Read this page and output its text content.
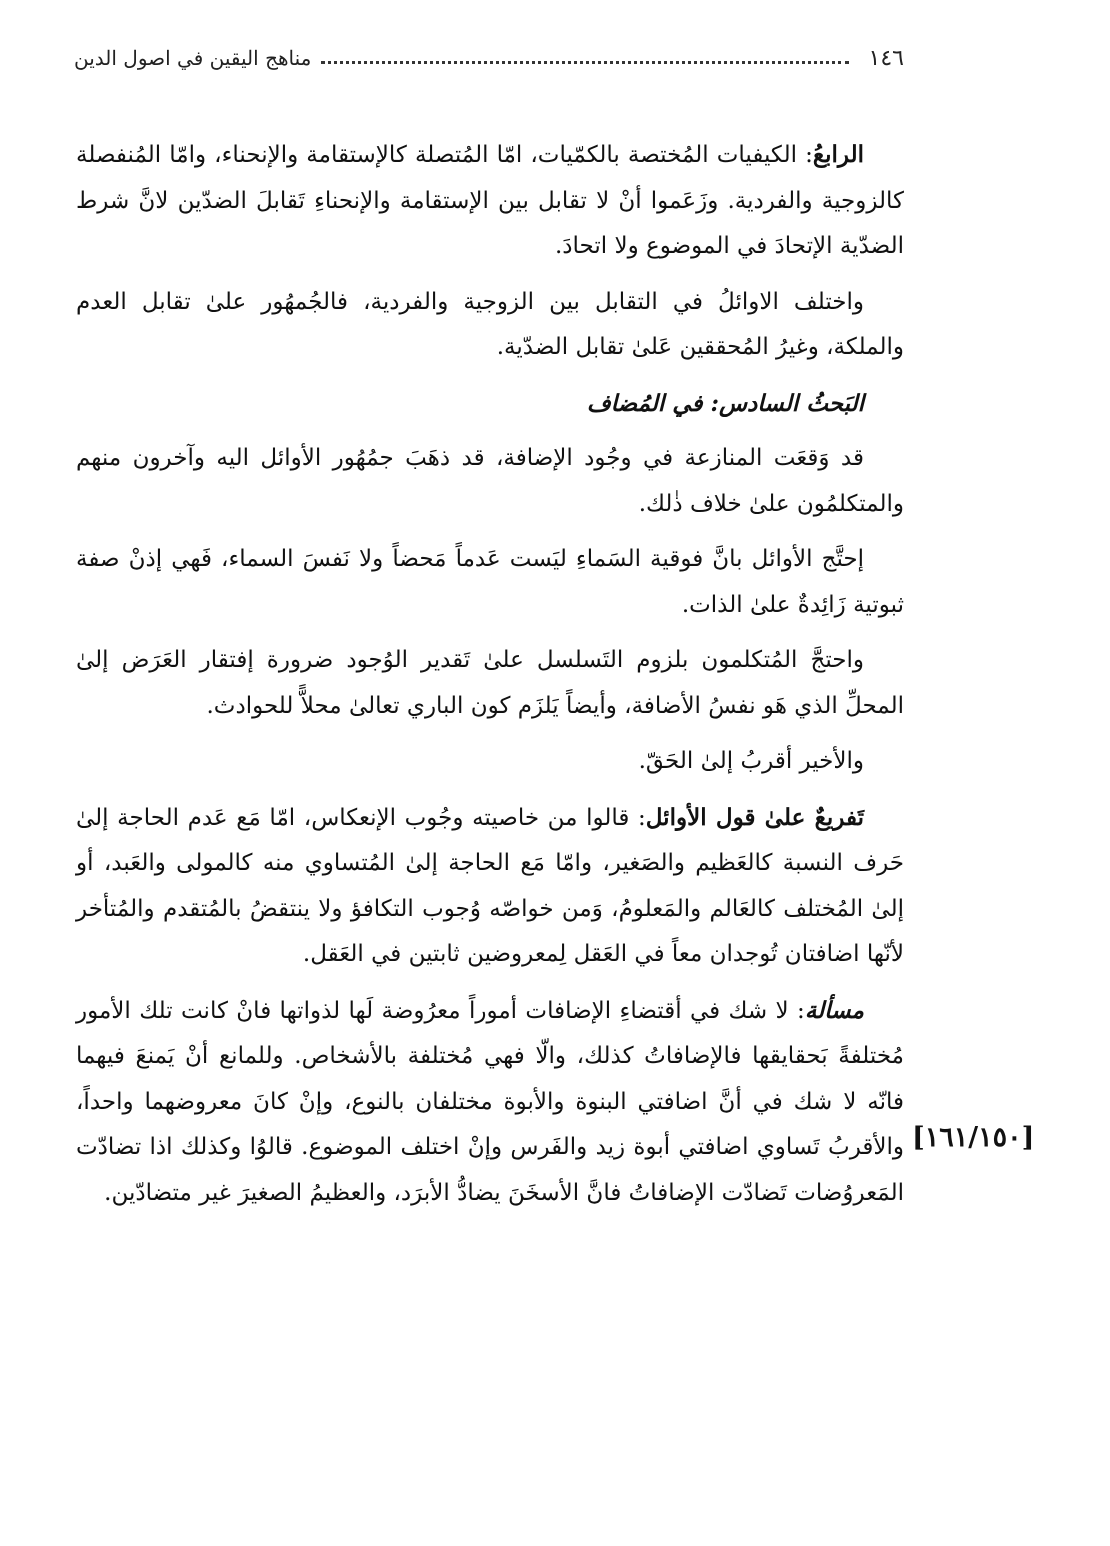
١٤٦
مناهج اليقين في اصول الدين

الرابعُ: الكيفيات المُختصة بالكمّيات، امّا المُتصلة كالإستقامة والإنحناء، وامّا المُنفصلة كالزوجية والفردية. وزَعَموا أنْ لا تقابل بين الإستقامة والإنحناءِ تَقابلَ الضدّين لانَّ شرط الضدّية الإتحادَ في الموضوع ولا اتحادَ.

واختلف الاوائلُ في التقابل بين الزوجية والفردية، فالجُمهُور علىٰ تقابل العدم والملكة، وغيرُ المُحققين عَلىٰ تقابل الضدّية.

البَحثُ السادس: في المُضاف

قد وَقعَت المنازعة في وجُود الإضافة، قد ذهَبَ جمُهُور الأوائل اليه وآخرون منهم والمتكلمُون علىٰ خلاف ذٰلك.

إحتَّج الأوائل بانَّ فوقية السَماءِ ليَست عَدماً مَحضاً ولا نَفسَ السماء، فَهي إذنْ صفة ثبوتية زَائِدةٌ علىٰ الذات.

واحتجَّ المُتكلمون بلزوم التَسلسل علىٰ تَقدير الوُجود ضرورة إفتقار العَرَض إلىٰ المحلِّ الذي هَو نفسُ الأضافة، وأيضاً يَلزَم كون الباري تعالىٰ محلاًّ للحوادث.

والأخير أقربُ إلىٰ الحَقّ.

تَفريعٌ علىٰ قول الأوائل: قالوا من خاصيته وجُوب الإنعكاس، امّا مَع عَدم الحاجة إلىٰ حَرف النسبة كالعَظيم والصَغير، وامّا مَع الحاجة إلىٰ المُتساوي منه كالمولى والعَبد، أو إلىٰ المُختلف كالعَالم والمَعلومُ، وَمن خواصّه وُجوب التكافؤ ولا ينتقضُ بالمُتقدم والمُتأخر لأنّها اضافتان تُوجدان معاً في العَقل لِمعروضين ثابتين في العَقل.

مسألة: لا شك في أقتضاءِ الإضافات أموراً معرُوضة لَها لذواتها فانْ كانت تلك الأمور مُختلفةً بَحقايقها فالإضافاتُ كذلك، والّا فهي مُختلفة بالأشخاص. وللمانع أنْ يَمنعَ فيهما فانّه لا شك في أنَّ اضافتي البنوة والأبوة مختلفان بالنوع، وإنْ كانَ معروضهما واحداً، والأقربُ تَساوي اضافتي أبوة زيد والفَرس وإنْ اختلف الموضوع. قالوُا وكذلك اذا تضادّت المَعروُضات تَضادّت الإضافاتُ فانَّ الأسخَنَ يضادُّ الأبرَد، والعظيمُ الصغيرَ غير متضادّين.

[١٦١/١٥٠]
